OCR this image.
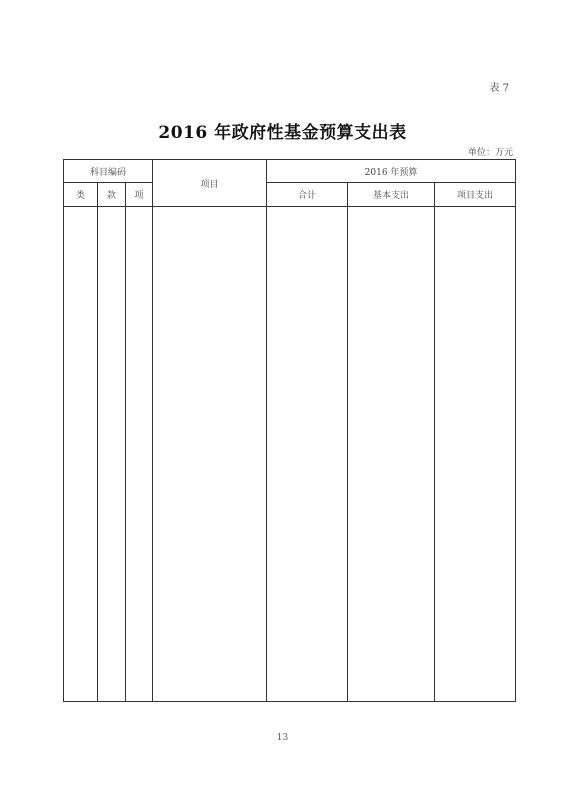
表 7
2016 年政府性基金预算支出表
单位：万元
科目编码			项目	2016 年预算		
类	款	项		合计	基本支出	项目支出

13
